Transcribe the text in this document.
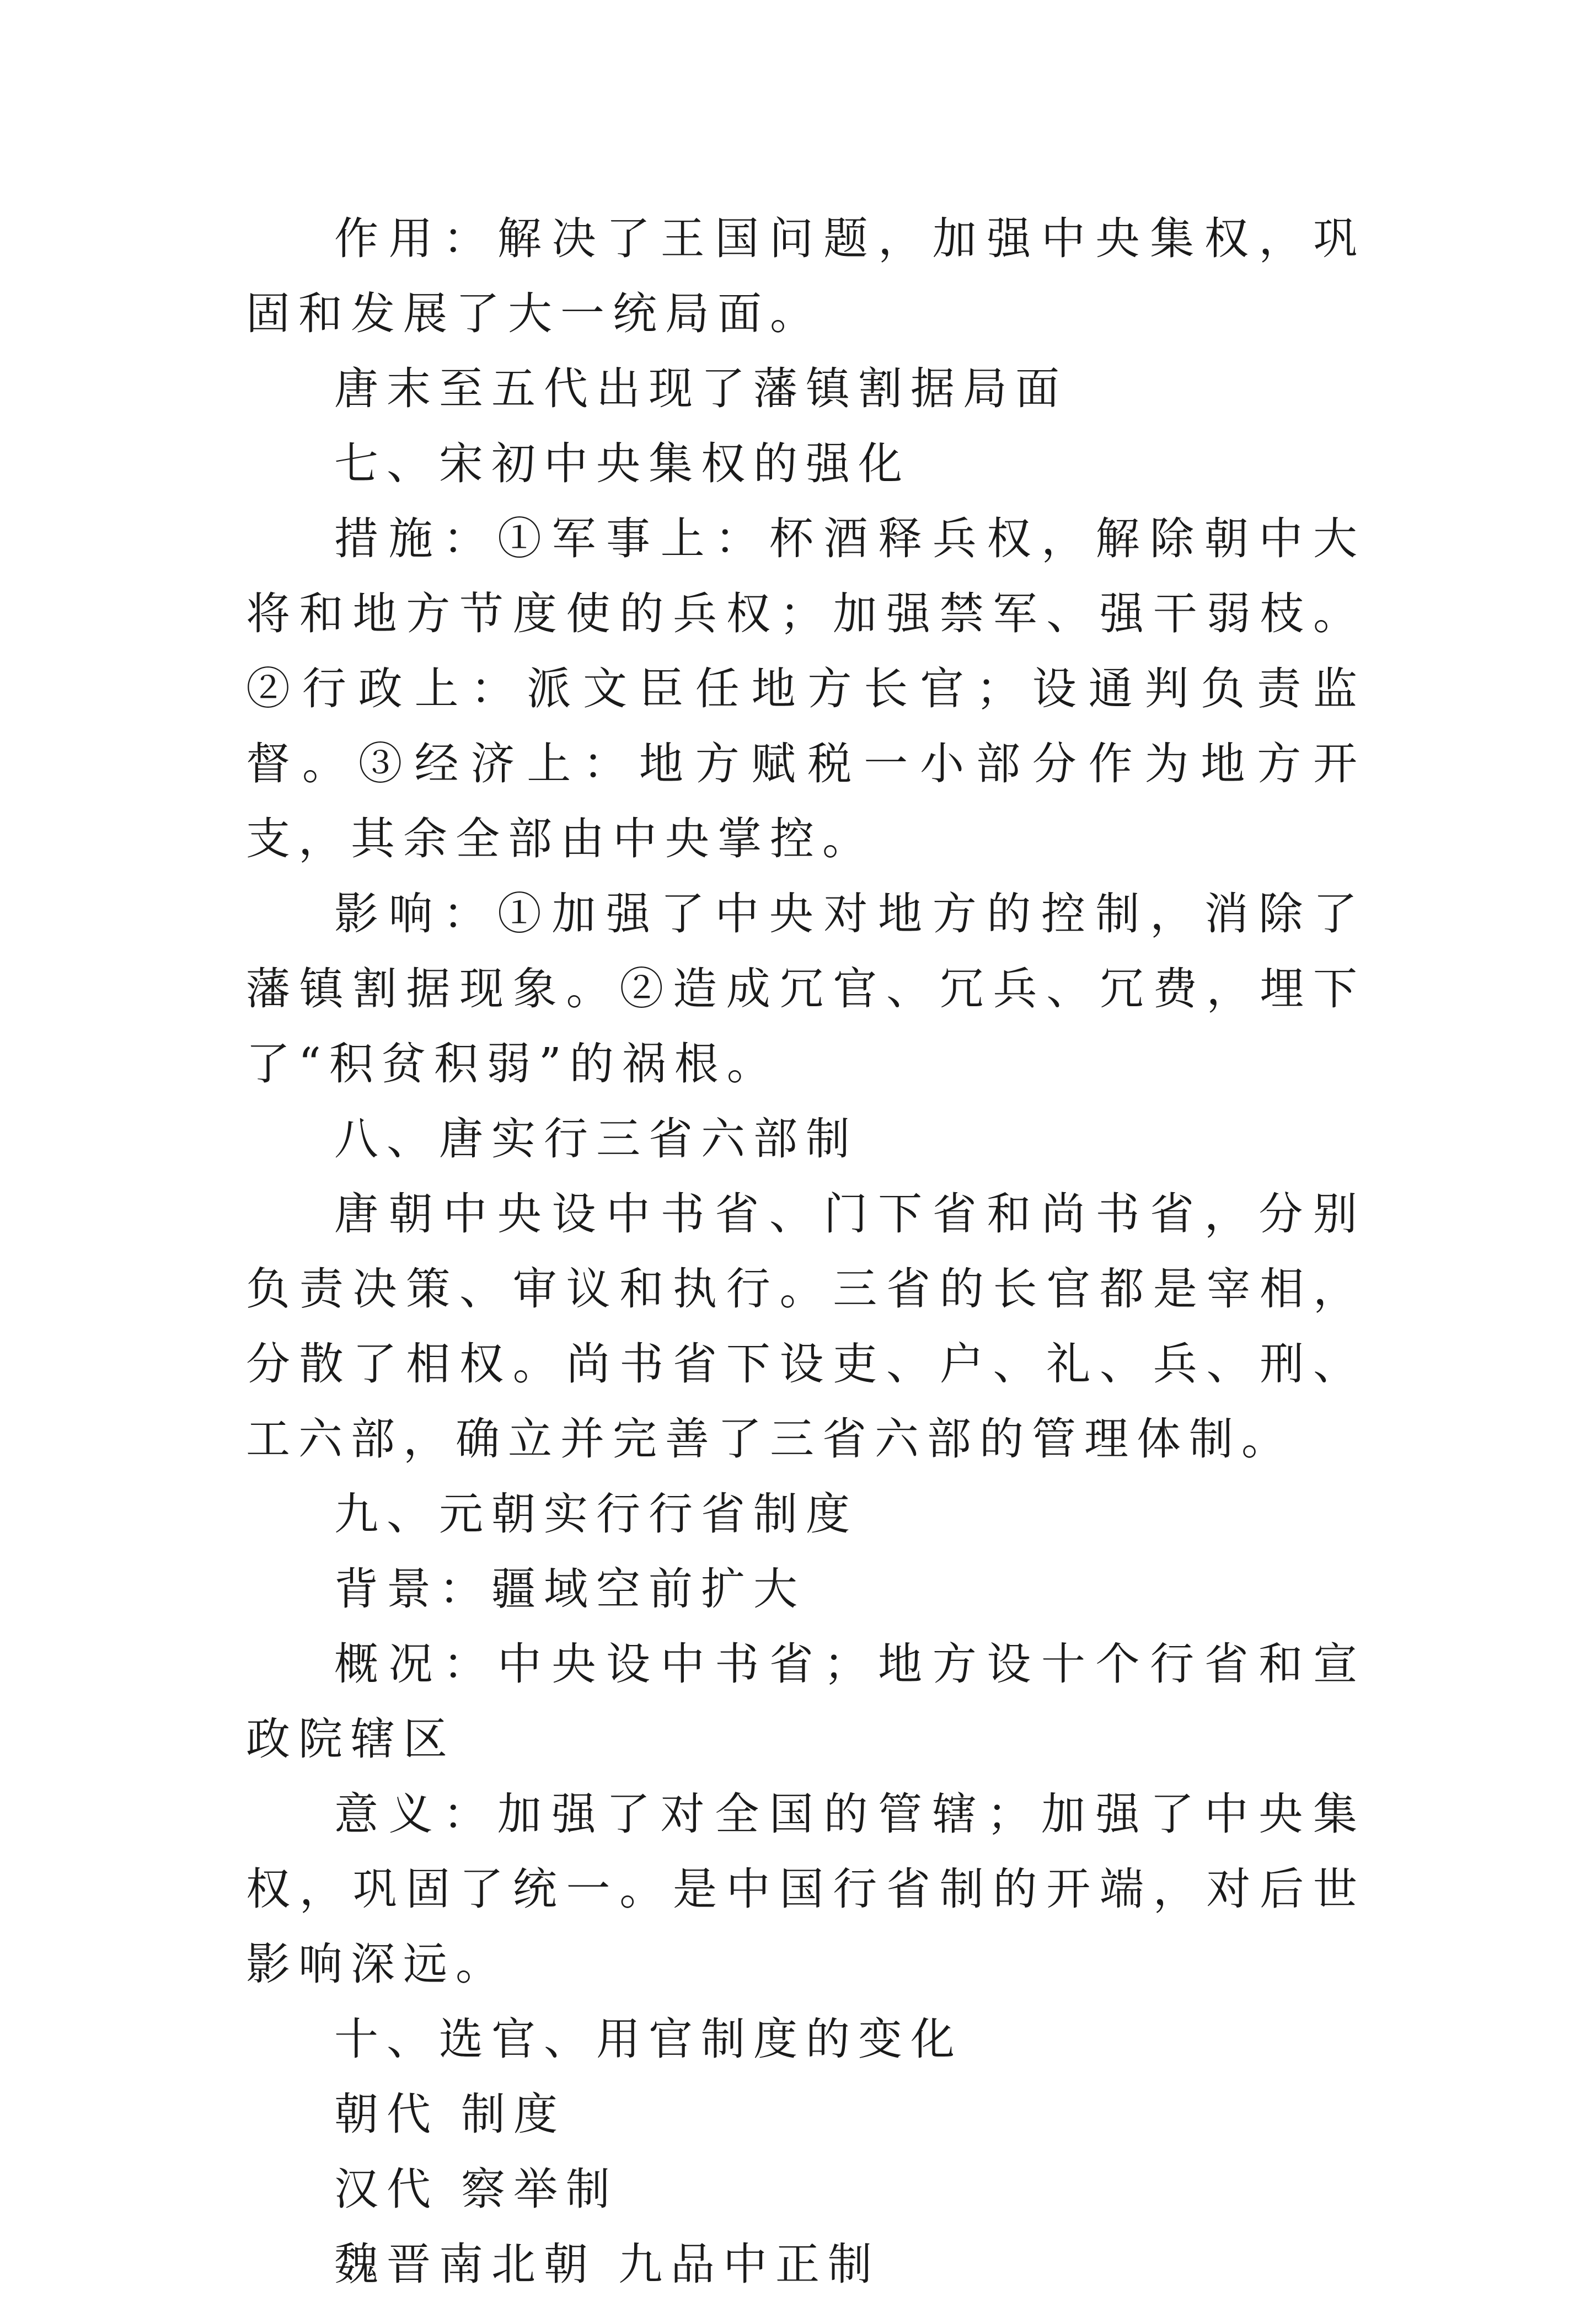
作用：解决了王国问题，加强中央集权，巩固和发展了大一统局面。

唐末至五代出现了藩镇割据局面

七、宋初中央集权的强化

措施：①军事上：杯酒释兵权，解除朝中大将和地方节度使的兵权；加强禁军、强干弱枝。②行政上：派文臣任地方长官；设通判负责监督。③经济上：地方赋税一小部分作为地方开支，其余全部由中央掌控。

影响：①加强了中央对地方的控制，消除了藩镇割据现象。②造成冗官、冗兵、冗费，埋下了“积贫积弱”的祸根。

八、唐实行三省六部制

唐朝中央设中书省、门下省和尚书省，分别负责决策、审议和执行。三省的长官都是宰相，分散了相权。尚书省下设吏、户、礼、兵、刑、工六部，确立并完善了三省六部的管理体制。

九、元朝实行行省制度

背景：疆域空前扩大

概况：中央设中书省；地方设十个行省和宣政院辖区

意义：加强了对全国的管辖；加强了中央集权，巩固了统一。是中国行省制的开端，对后世影响深远。

十、选官、用官制度的变化

朝代 制度
汉代 察举制
魏晋南北朝 九品中正制
